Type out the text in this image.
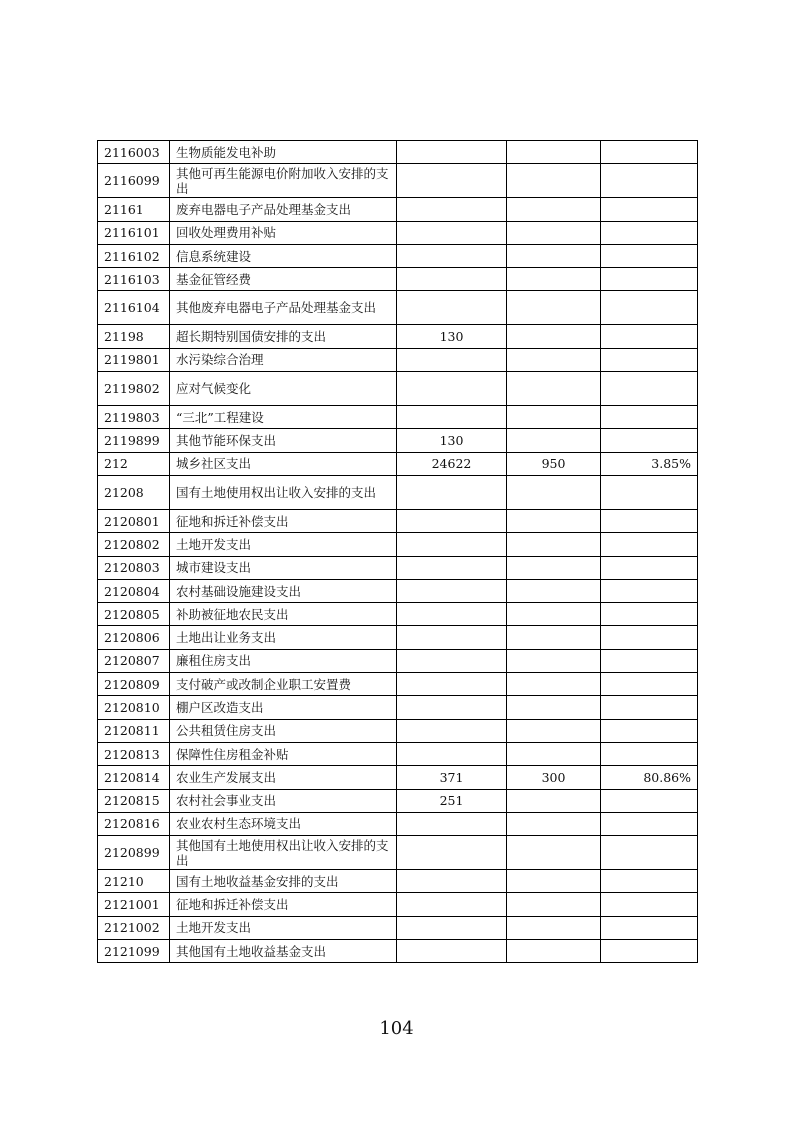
2116003	生物质能发电补助			
2116099	其他可再生能源电价附加收入安排的支出			
21161	废弃电器电子产品处理基金支出			
2116101	回收处理费用补贴			
2116102	信息系统建设			
2116103	基金征管经费			
2116104	其他废弃电器电子产品处理基金支出			
21198	超长期特别国债安排的支出	130		
2119801	水污染综合治理			
2119802	应对气候变化			
2119803	“三北”工程建设			
2119899	其他节能环保支出	130		
212	城乡社区支出	24622	950	3.85%
21208	国有土地使用权出让收入安排的支出			
2120801	征地和拆迁补偿支出			
2120802	土地开发支出			
2120803	城市建设支出			
2120804	农村基础设施建设支出			
2120805	补助被征地农民支出			
2120806	土地出让业务支出			
2120807	廉租住房支出			
2120809	支付破产或改制企业职工安置费			
2120810	棚户区改造支出			
2120811	公共租赁住房支出			
2120813	保障性住房租金补贴			
2120814	农业生产发展支出	371	300	80.86%
2120815	农村社会事业支出	251		
2120816	农业农村生态环境支出			
2120899	其他国有土地使用权出让收入安排的支出			
21210	国有土地收益基金安排的支出			
2121001	征地和拆迁补偿支出			
2121002	土地开发支出			
2121099	其他国有土地收益基金支出			
104
